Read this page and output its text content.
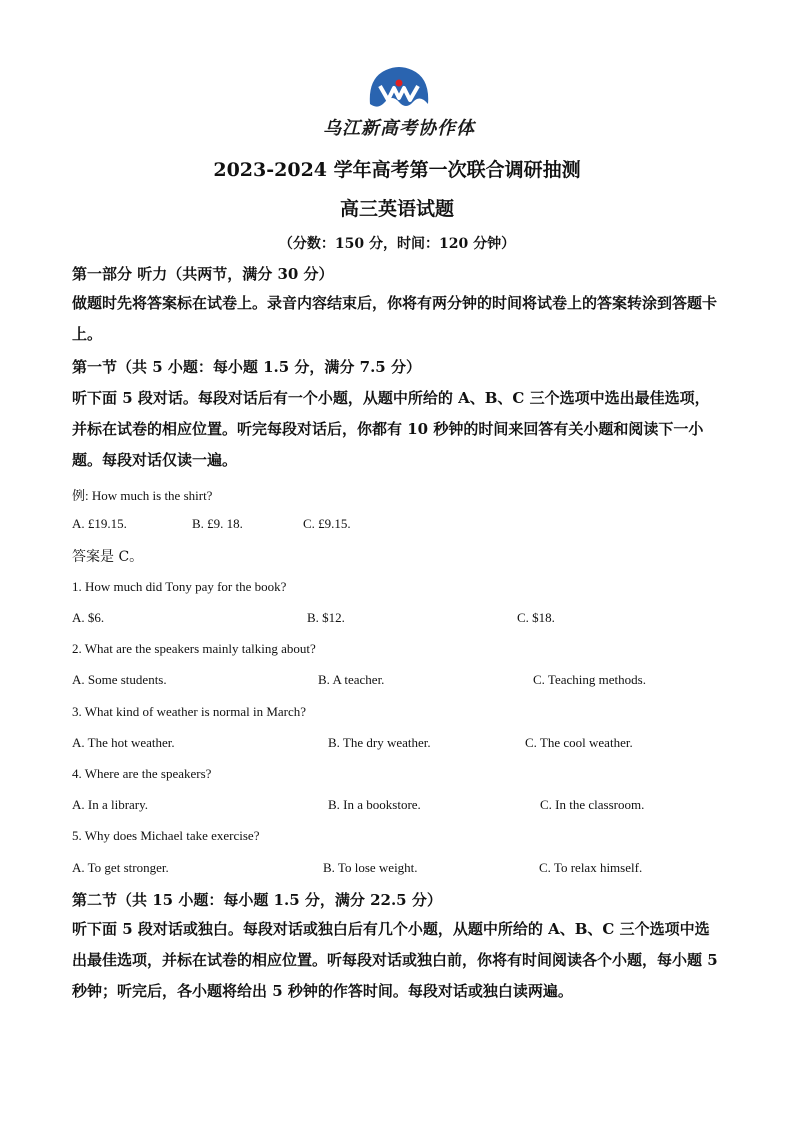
乌江新高考协作体
2023-2024 学年高考第一次联合调研抽测
高三英语试题
（分数：150 分，时间：120 分钟）
第一部分 听力（共两节，满分 30 分）
做题时先将答案标在试卷上。录音内容结束后，你将有两分钟的时间将试卷上的答案转涂到答题卡上。
第一节（共 5 小题：每小题 1.5 分，满分 7.5 分）
听下面 5 段对话。每段对话后有一个小题，从题中所给的 A、B、C 三个选项中选出最佳选项，并标在试卷的相应位置。听完每段对话后，你都有 10 秒钟的时间来回答有关小题和阅读下一小题。每段对话仅读一遍。
例: How much is the shirt?
A. £19.15.	B. £9. 18.	C. £9.15.
答案是 C。
1. How much did Tony pay for the book?
A. $6.	B. $12.	C. $18.
2. What are the speakers mainly talking about?
A. Some students.	B. A teacher.	C. Teaching methods.
3. What kind of weather is normal in March?
A. The hot weather.	B. The dry weather.	C. The cool weather.
4. Where are the speakers?
A. In a library.	B. In a bookstore.	C. In the classroom.
5. Why does Michael take exercise?
A. To get stronger.	B. To lose weight.	C. To relax himself.
第二节（共 15 小题：每小题 1.5 分，满分 22.5 分）
听下面 5 段对话或独白。每段对话或独白后有几个小题，从题中所给的 A、B、C 三个选项中选出最佳选项，并标在试卷的相应位置。听每段对话或独白前，你将有时间阅读各个小题，每小题 5 秒钟；听完后，各小题将给出 5 秒钟的作答时间。每段对话或独白读两遍。
